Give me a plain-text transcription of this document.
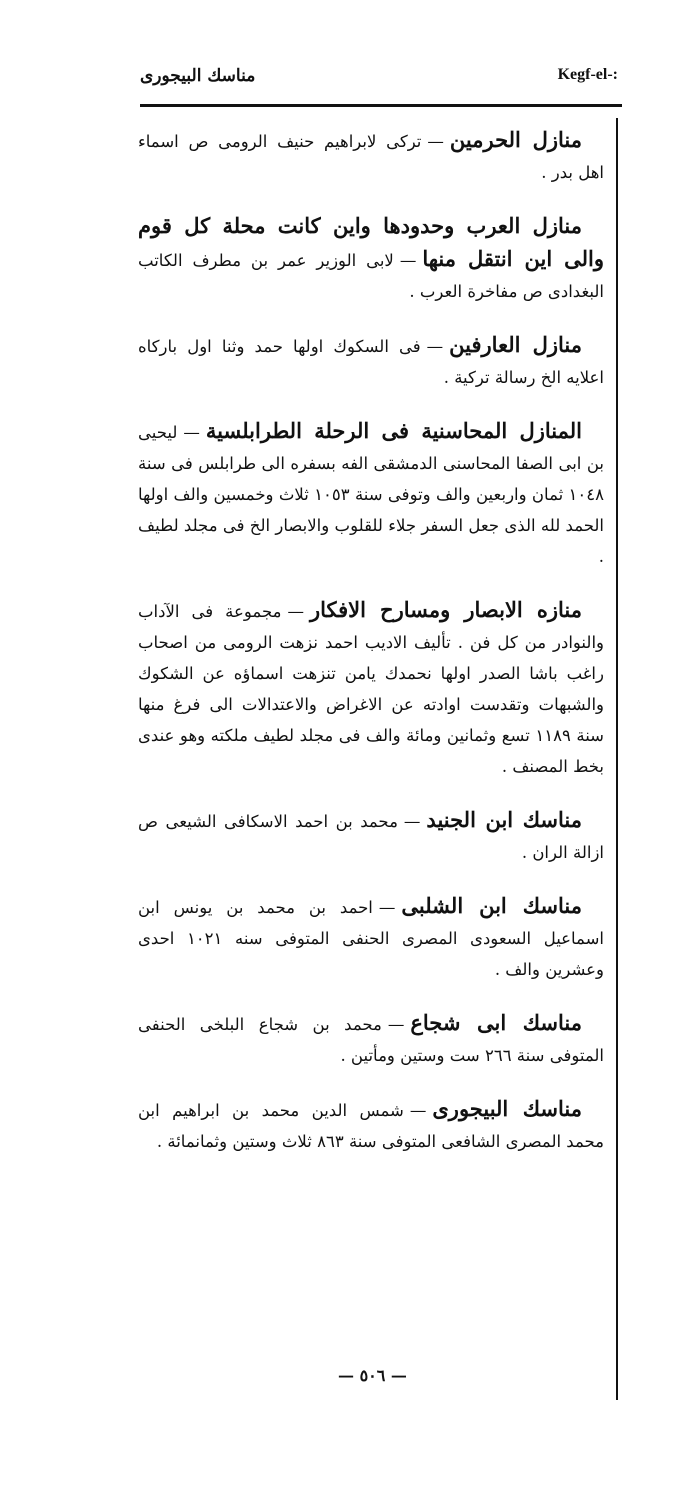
مناسك البيجورى	Kegf-el-:

منازل الحرمين—تركى لابراهيم حنيف الرومى ص اسماء اهل بدر .

منازل العرب وحدودها واين كانت محلة كل قوم والى اين انتقل منها—لابى الوزير عمر بن مطرف الكاتب البغدادى ص مفاخرة العرب .

منازل العارفين—فى السكوك اولها حمد وثنا اول باركاه اعلايه الخ رسالة تركية .

المنازل المحاسنية فى الرحلة الطرابلسية—ليحيى بن ابى الصفا المحاسنى الدمشقى الفه بسفره الى طرابلس فى سنة ١٠٤٨ ثمان واربعين والف وتوفى سنة ١٠٥٣ ثلاث وخمسين والف اولها الحمد لله الذى جعل السفر جلاء للقلوب والابصار الخ فى مجلد لطيف .

منازه الابصار ومسارح الافكار—مجموعة فى الآداب والنوادر من كل فن . تأليف الاديب احمد نزهت الرومى من اصحاب راغب باشا الصدر اولها نحمدك يامن تنزهت اسماؤه عن الشكوك والشبهات وتقدست اوادته عن الاغراض والاعتدالات الى فرغ منها سنة ١١٨٩ تسع وثمانين ومائة والف فى مجلد لطيف ملكته وهو عندى بخط المصنف .

مناسك ابن الجنيد—محمد بن احمد الاسكافى الشيعى ص ازالة الران .

مناسك ابن الشلبى—احمد بن محمد بن يونس ابن اسماعيل السعودى المصرى الحنفى المتوفى سنه ١٠٢١ احدى وعشرين والف .

مناسك ابى شجاع—محمد بن شجاع البلخى الحنفى المتوفى سنة ٢٦٦ ست وستين ومأتين .

مناسك البيجورى—شمس الدين محمد بن ابراهيم ابن محمد المصرى الشافعى المتوفى سنة ٨٦٣ ثلاث وستين وثمانمائة .

— ٥٠٦ —
